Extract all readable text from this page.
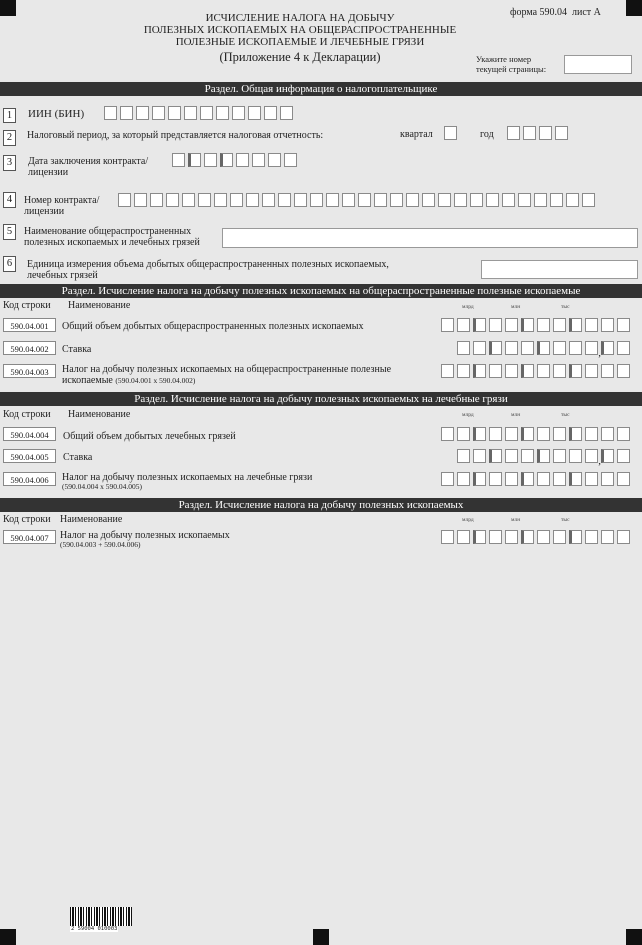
ИСЧИСЛЕНИЕ НАЛОГА НА ДОБЫЧУ
ПОЛЕЗНЫХ ИСКОПАЕМЫХ НА ОБЩЕРАСПРОСТРАНЕННЫЕ
ПОЛЕЗНЫЕ ИСКОПАЕМЫЕ И ЛЕЧЕБНЫЕ ГРЯЗИ
(Приложение 4 к Декларации)
форма 590.04 лист А
Укажите номер
текущей страницы:
Раздел. Общая информация о налогоплательщике
1	ИИН (БИН)
2	Налоговый период, за который представляется налоговая отчетность:	квартал	год
3	Дата заключения контракта/
лицензии
4	Номер контракта/
лицензии
5	Наименование общераспространенных
полезных ископаемых и лечебных грязей
6	Единица измерения объема добытых общераспространенных полезных ископаемых,
лечебных грязей
Раздел. Исчисление налога на добычу полезных ископаемых на общераспространенные полезные ископаемые
Код строки Наименование	млрд	млн	тыс
590.04.001	Общий объем добытых общераспространенных полезных ископаемых
590.04.002	Ставка
,
590.04.003	Налог на добычу полезных ископаемых на общераспространенные полезные
ископаемые (590.04.001 x 590.04.002)
Раздел. Исчисление налога на добычу полезных ископаемых на лечебные грязи
Код строки Наименование	млрд	млн	тыс
590.04.004	Общий объем добытых лечебных грязей
590.04.005	Ставка
,
590.04.006	Налог на добычу полезных ископаемых на лечебные грязи
(590.04.004 x 590.04.005)
Раздел. Исчисление налога на добычу полезных ископаемых
Код строки Наименование	млрд	млн	тыс
590.04.007	Налог на добычу полезных ископаемых
(590.04.003 + 590.04.006)
2 59004 010003
